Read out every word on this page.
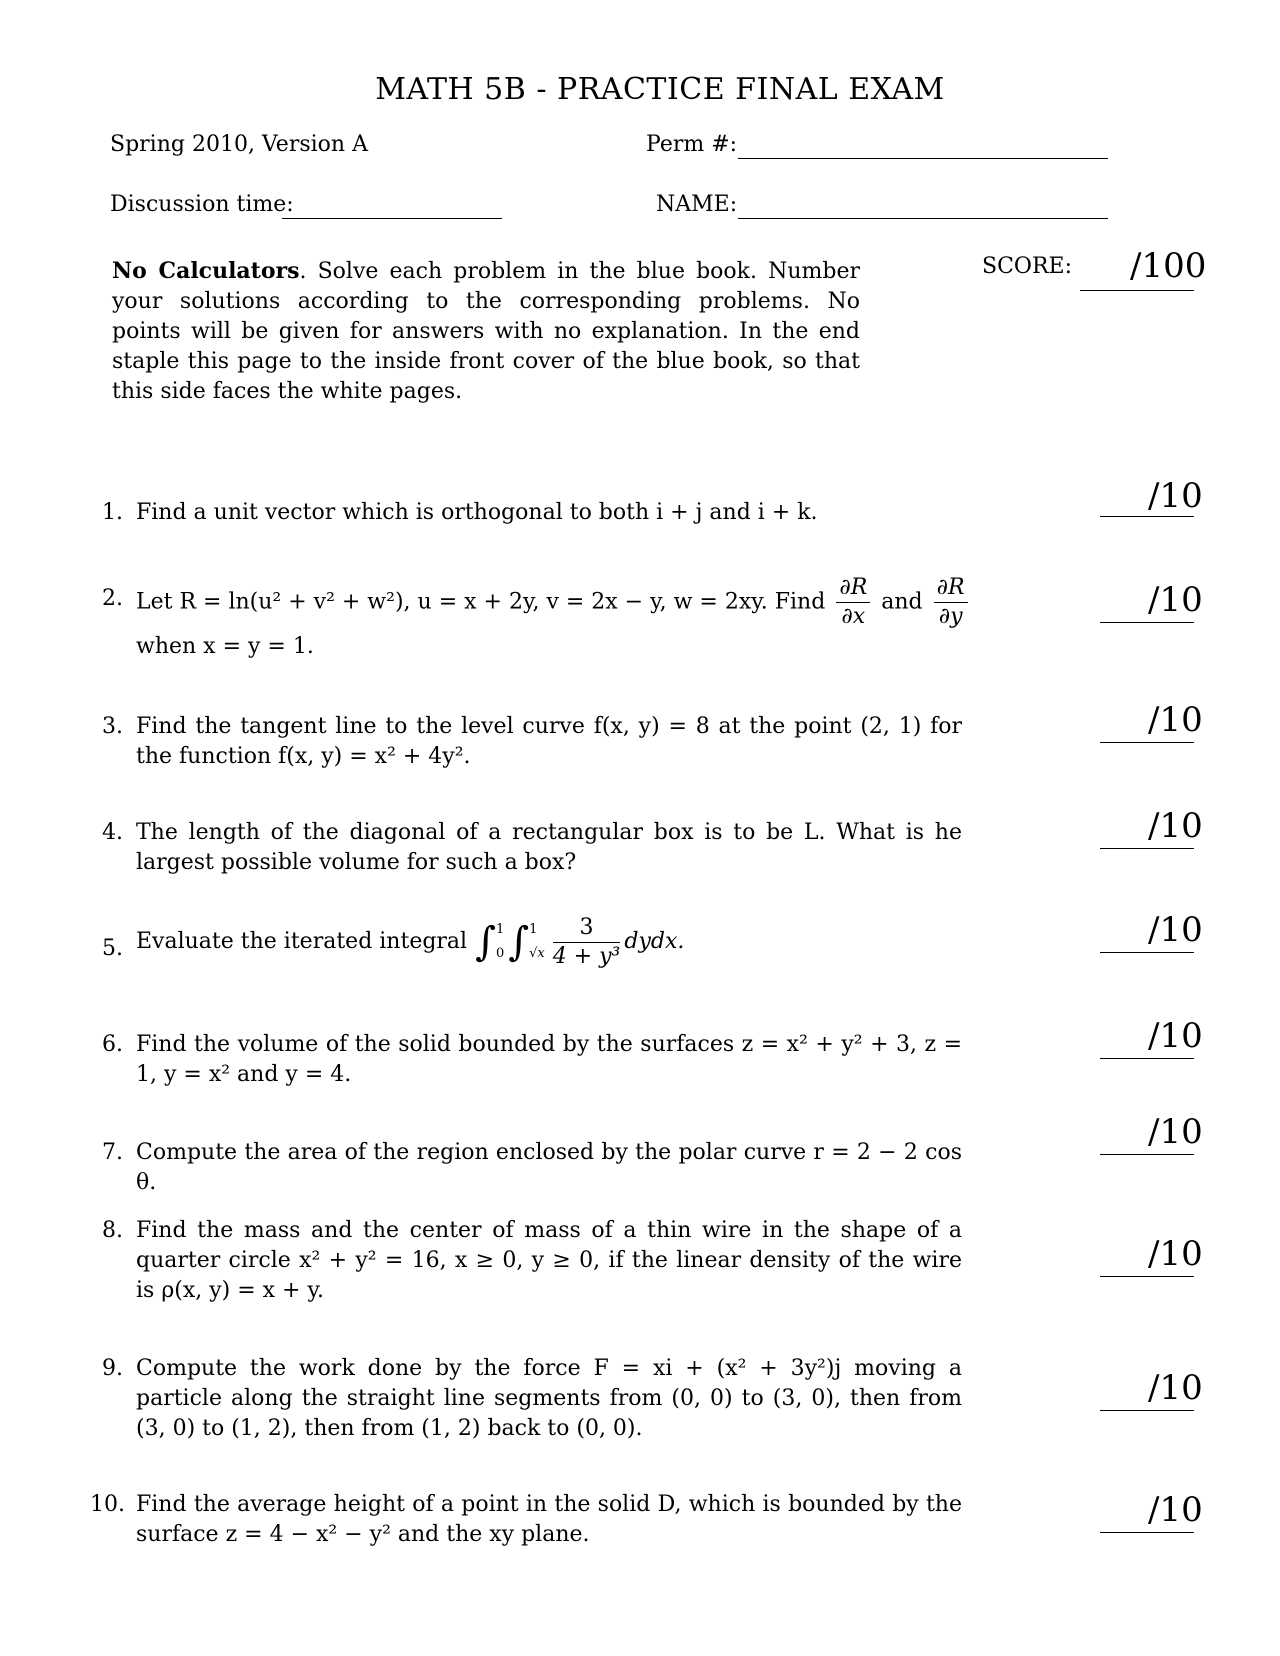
MATH 5B - PRACTICE FINAL EXAM
Spring 2010, Version A	Perm #:
Discussion time:	NAME:
No Calculators. Solve each problem in the blue book. Number your solutions according to the corresponding problems. No points will be given for answers with no explanation. In the end staple this page to the inside front cover of the blue book, so that this side faces the white pages.
SCORE: /100
1. Find a unit vector which is orthogonal to both i + j and i + k.	/10
2. Let R = ln(u² + v² + w²), u = x + 2y, v = 2x − y, w = 2xy. Find $\frac{\partial R}{\partial x}$ and $\frac{\partial R}{\partial y}$
when x = y = 1.
/10
3. Find the tangent line to the level curve f(x, y) = 8 at the point (2, 1) for the function f(x, y) = x² + 4y².
/10
4. The length of the diagonal of a rectangular box is to be L. What is he largest possible volume for such a box?
/10
5. Evaluate the iterated integral ∫ 1
0 ∫ 1
$√x \frac{3}{\text{4 + y³}}$ dydx.	/10
6. Find the volume of the solid bounded by the surfaces z = x² + y² + 3, z = 1, y = x² and y = 4.
/10
7. Compute the area of the region enclosed by the polar curve r = 2 − 2 cos θ.
/10
8. Find the mass and the center of mass of a thin wire in the shape of a quarter circle x² + y² = 16, x ≥ 0, y ≥ 0, if the linear density of the wire is ρ(x, y) = x + y.
/10
9. Compute the work done by the force F = xi + (x² + 3y²)j moving a particle along the straight line segments from (0, 0) to (3, 0), then from (3, 0) to (1, 2), then from (1, 2) back to (0, 0).
/10
10. Find the average height of a point in the solid D, which is bounded by the surface z = 4 − x² − y² and the xy plane.
/10
